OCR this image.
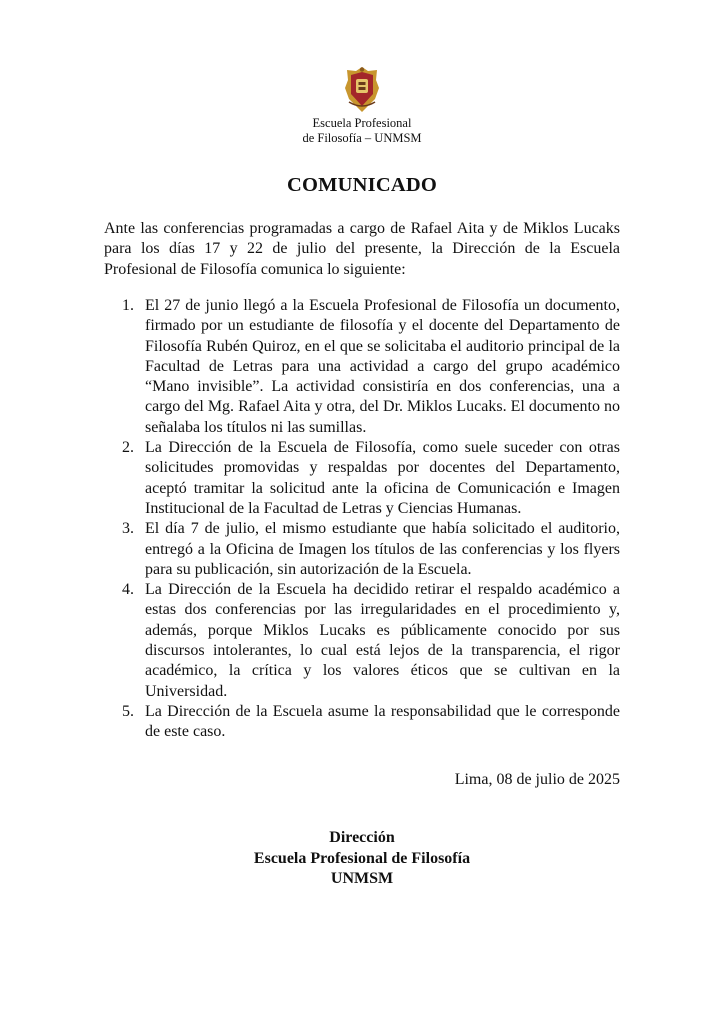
Escuela Profesional
de Filosofía – UNMSM
COMUNICADO

Ante las conferencias programadas a cargo de Rafael Aita y de Miklos Lucaks para los días 17 y 22 de julio del presente, la Dirección de la Escuela Profesional de Filosofía comunica lo siguiente:

1. El 27 de junio llegó a la Escuela Profesional de Filosofía un documento, firmado por un estudiante de filosofía y el docente del Departamento de Filosofía Rubén Quiroz, en el que se solicitaba el auditorio principal de la Facultad de Letras para una actividad a cargo del grupo académico “Mano invisible”. La actividad consistiría en dos conferencias, una a cargo del Mg. Rafael Aita y otra, del Dr. Miklos Lucaks. El documento no señalaba los títulos ni las sumillas.
2. La Dirección de la Escuela de Filosofía, como suele suceder con otras solicitudes promovidas y respaldas por docentes del Departamento, aceptó tramitar la solicitud ante la oficina de Comunicación e Imagen Institucional de la Facultad de Letras y Ciencias Humanas.
3. El día 7 de julio, el mismo estudiante que había solicitado el auditorio, entregó a la Oficina de Imagen los títulos de las conferencias y los flyers para su publicación, sin autorización de la Escuela.
4. La Dirección de la Escuela ha decidido retirar el respaldo académico a estas dos conferencias por las irregularidades en el procedimiento y, además, porque Miklos Lucaks es públicamente conocido por sus discursos intolerantes, lo cual está lejos de la transparencia, el rigor académico, la crítica y los valores éticos que se cultivan en la Universidad.
5. La Dirección de la Escuela asume la responsabilidad que le corresponde de este caso.
Lima, 08 de julio de 2025
Dirección
Escuela Profesional de Filosofía
UNMSM
